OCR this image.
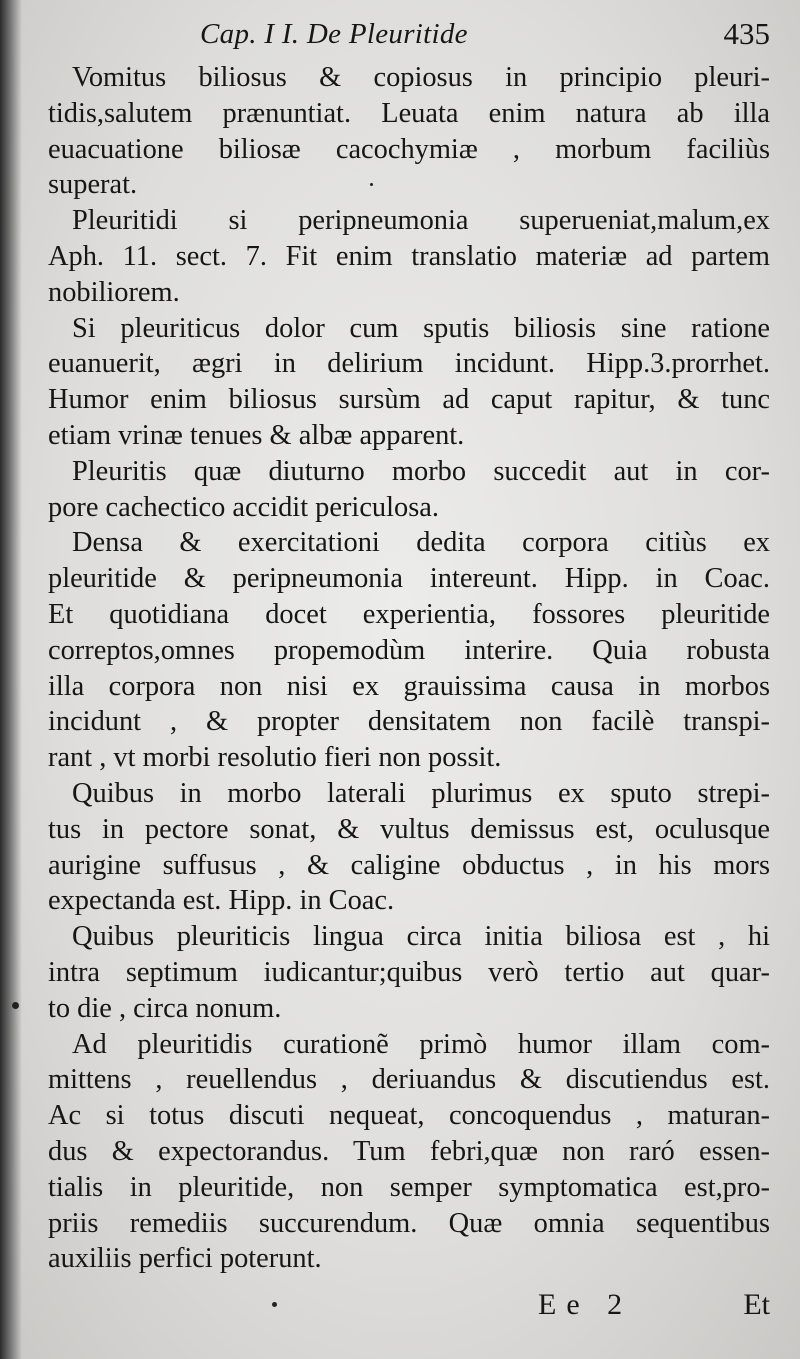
Cap. I I. De Pleuritide	435
Vomitus biliosus & copiosus in principio pleuri-
tidis,salutem prænuntiat. Leuata enim natura ab illa
euacuatione biliosæ cacochymiæ , morbum faciliùs
superat.
Pleuritidi si peripneumonia superueniat,malum,ex
Aph. 11. sect. 7. Fit enim translatio materiæ ad partem
nobiliorem.
Si pleuriticus dolor cum sputis biliosis sine ratione
euanuerit, ægri in delirium incidunt. Hipp.3.prorrhet.
Humor enim biliosus sursùm ad caput rapitur, & tunc
etiam vrinæ tenues & albæ apparent.
Pleuritis quæ diuturno morbo succedit aut in cor-
pore cachectico accidit periculosa.
Densa & exercitationi dedita corpora citiùs ex
pleuritide & peripneumonia intereunt. Hipp. in Coac.
Et quotidiana docet experientia, fossores pleuritide
correptos,omnes propemodùm interire. Quia robusta
illa corpora non nisi ex grauissima causa in morbos
incidunt , & propter densitatem non facilè transpi-
rant , vt morbi resolutio fieri non possit.
Quibus in morbo laterali plurimus ex sputo strepi-
tus in pectore sonat, & vultus demissus est, oculusque
aurigine suffusus , & caligine obductus , in his mors
expectanda est. Hipp. in Coac.
Quibus pleuriticis lingua circa initia biliosa est , hi
intra septimum iudicantur;quibus verò tertio aut quar-
to die , circa nonum.
Ad pleuritidis curationẽ primò humor illam com-
mittens , reuellendus , deriuandus & discutiendus est.
Ac si totus discuti nequeat, concoquendus , maturan-
dus & expectorandus. Tum febri,quæ non raró essen-
tialis in pleuritide, non semper symptomatica est,pro-
priis remediis succurendum. Quæ omnia sequentibus
auxiliis perfici poterunt.
Ee 2	Et
